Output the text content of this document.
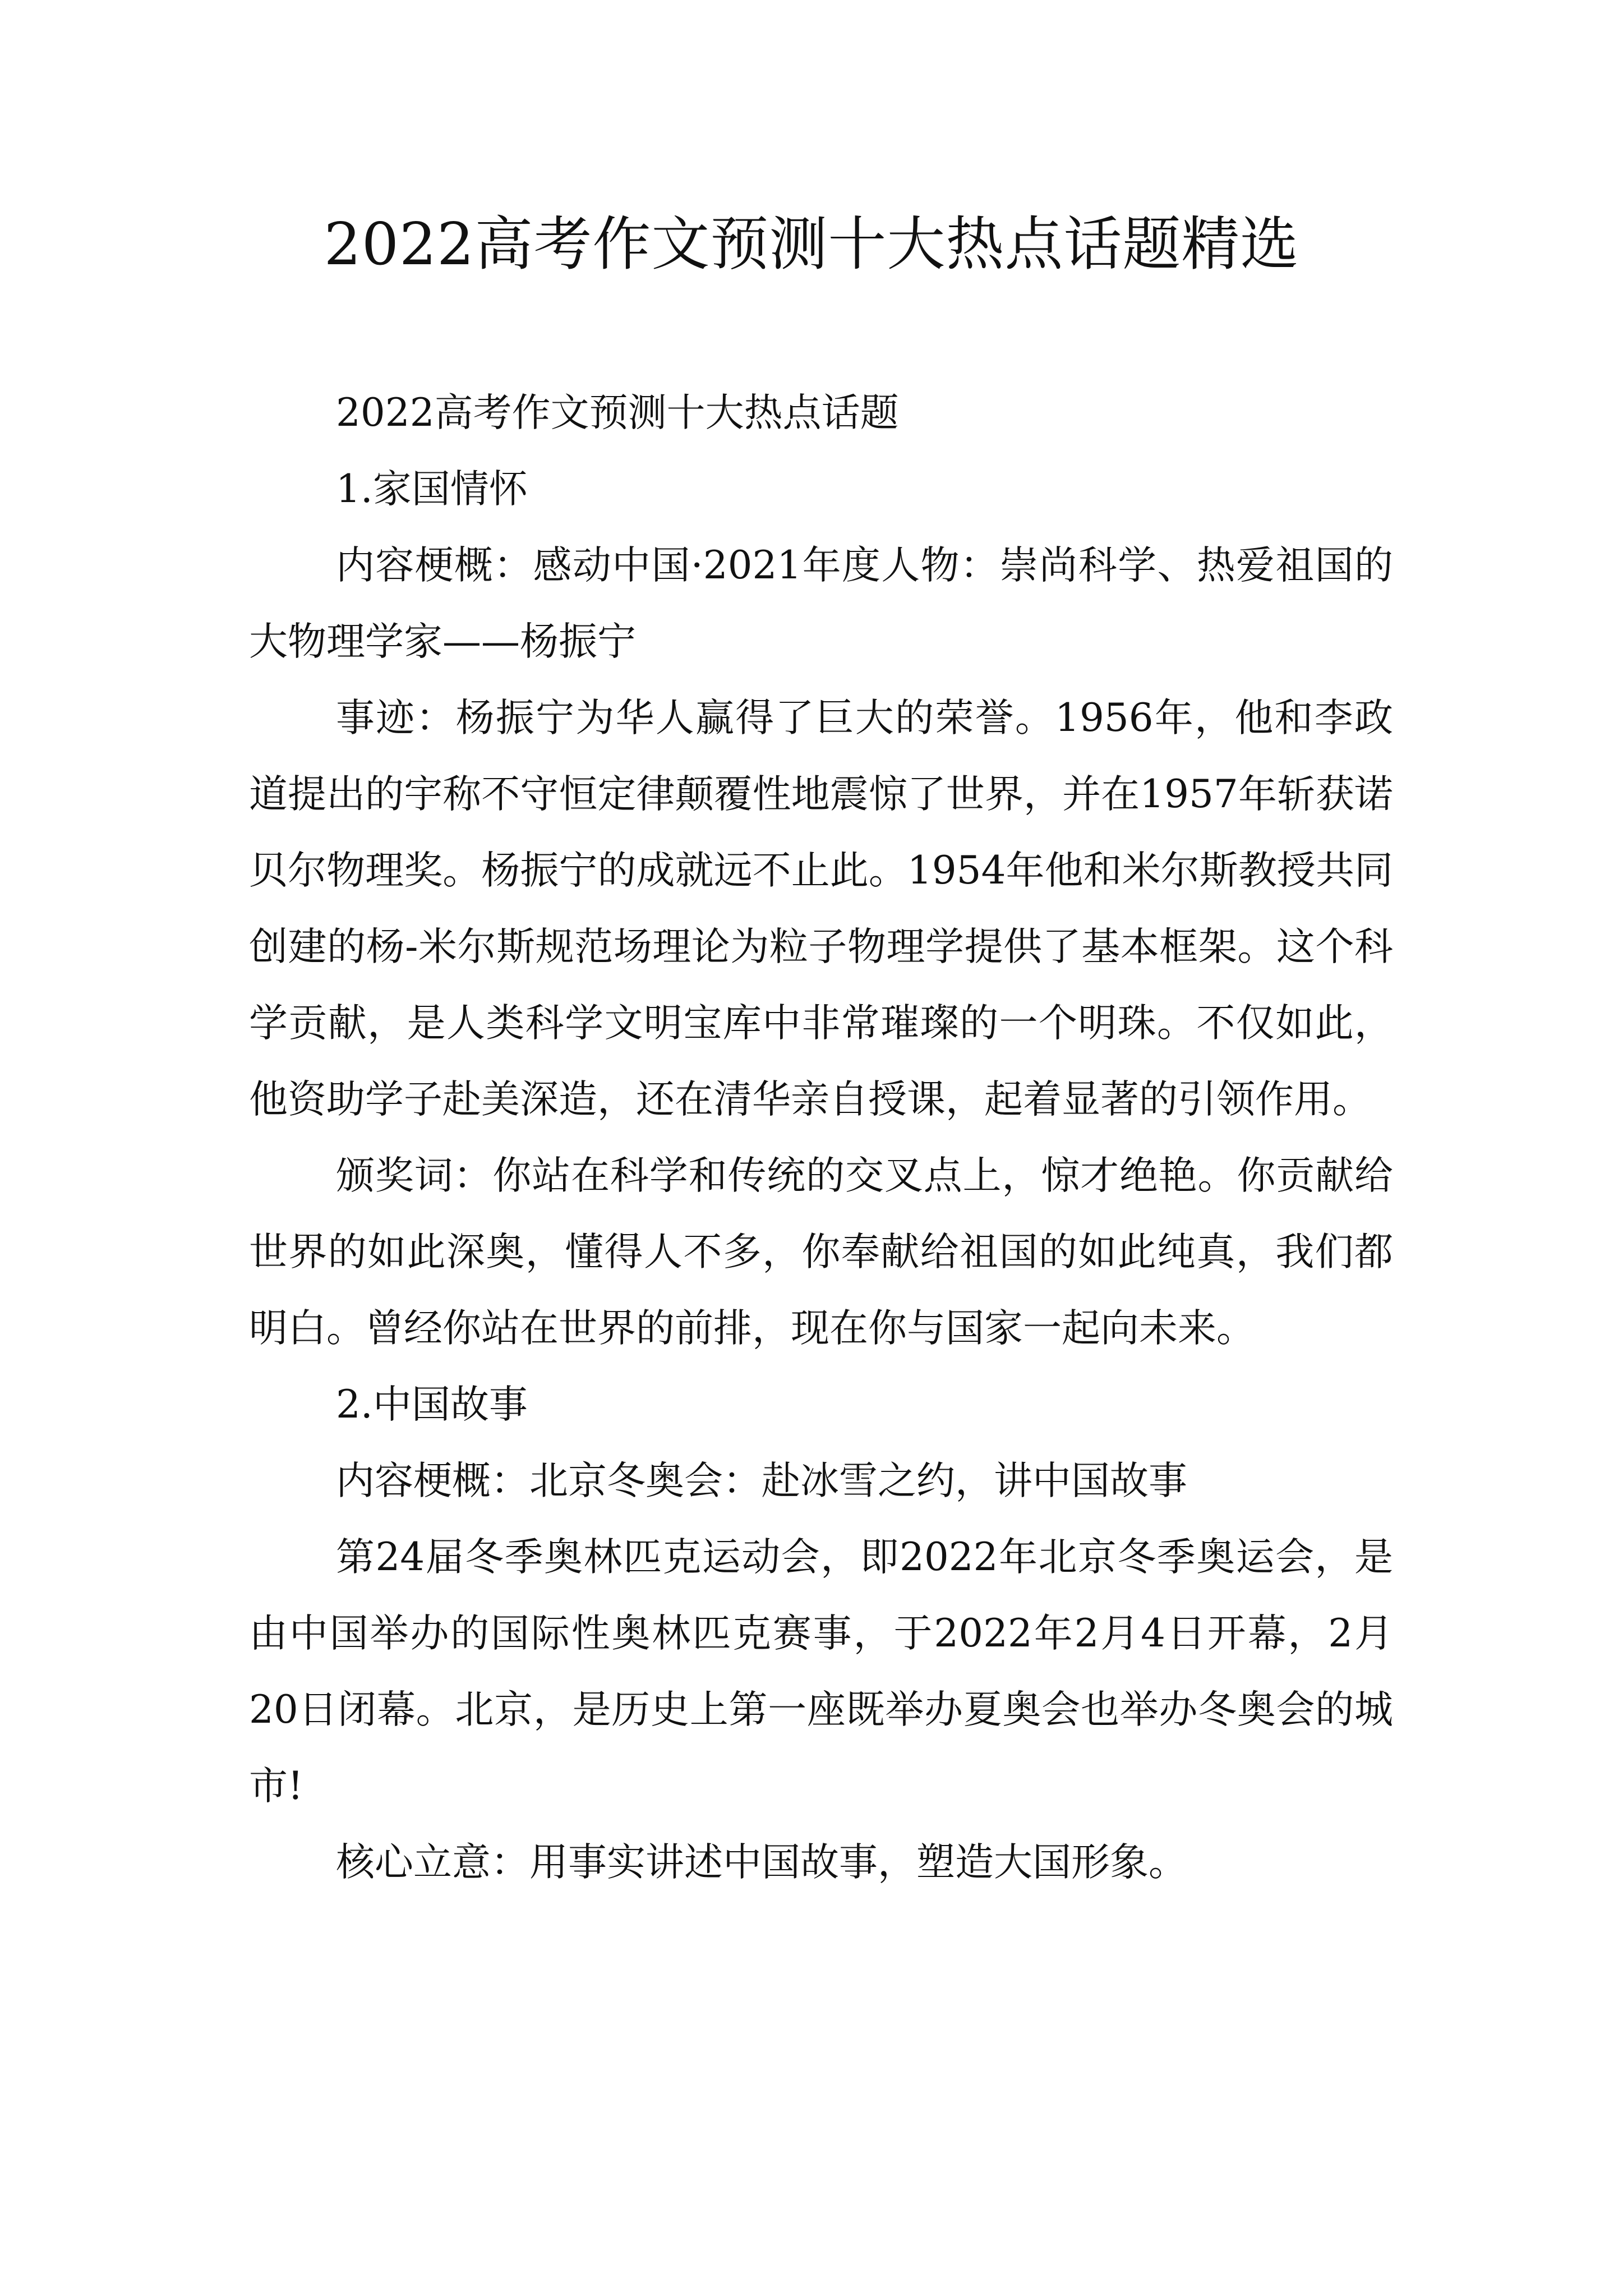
2022高考作文预测十大热点话题精选

2022高考作文预测十大热点话题

1.家国情怀

内容梗概：感动中国·2021年度人物：崇尚科学、热爱祖国的大物理学家——杨振宁

事迹：杨振宁为华人赢得了巨大的荣誉。1956年，他和李政道提出的宇称不守恒定律颠覆性地震惊了世界，并在1957年斩获诺贝尔物理奖。杨振宁的成就远不止此。1954年他和米尔斯教授共同创建的杨-米尔斯规范场理论为粒子物理学提供了基本框架。这个科学贡献，是人类科学文明宝库中非常璀璨的一个明珠。不仅如此，他资助学子赴美深造，还在清华亲自授课，起着显著的引领作用。

颁奖词：你站在科学和传统的交叉点上，惊才绝艳。你贡献给世界的如此深奥，懂得人不多，你奉献给祖国的如此纯真，我们都明白。曾经你站在世界的前排，现在你与国家一起向未来。

2.中国故事

内容梗概：北京冬奥会：赴冰雪之约，讲中国故事

第24届冬季奥林匹克运动会，即2022年北京冬季奥运会，是由中国举办的国际性奥林匹克赛事，于2022年2月4日开幕，2月20日闭幕。北京，是历史上第一座既举办夏奥会也举办冬奥会的城市!

核心立意：用事实讲述中国故事，塑造大国形象。
